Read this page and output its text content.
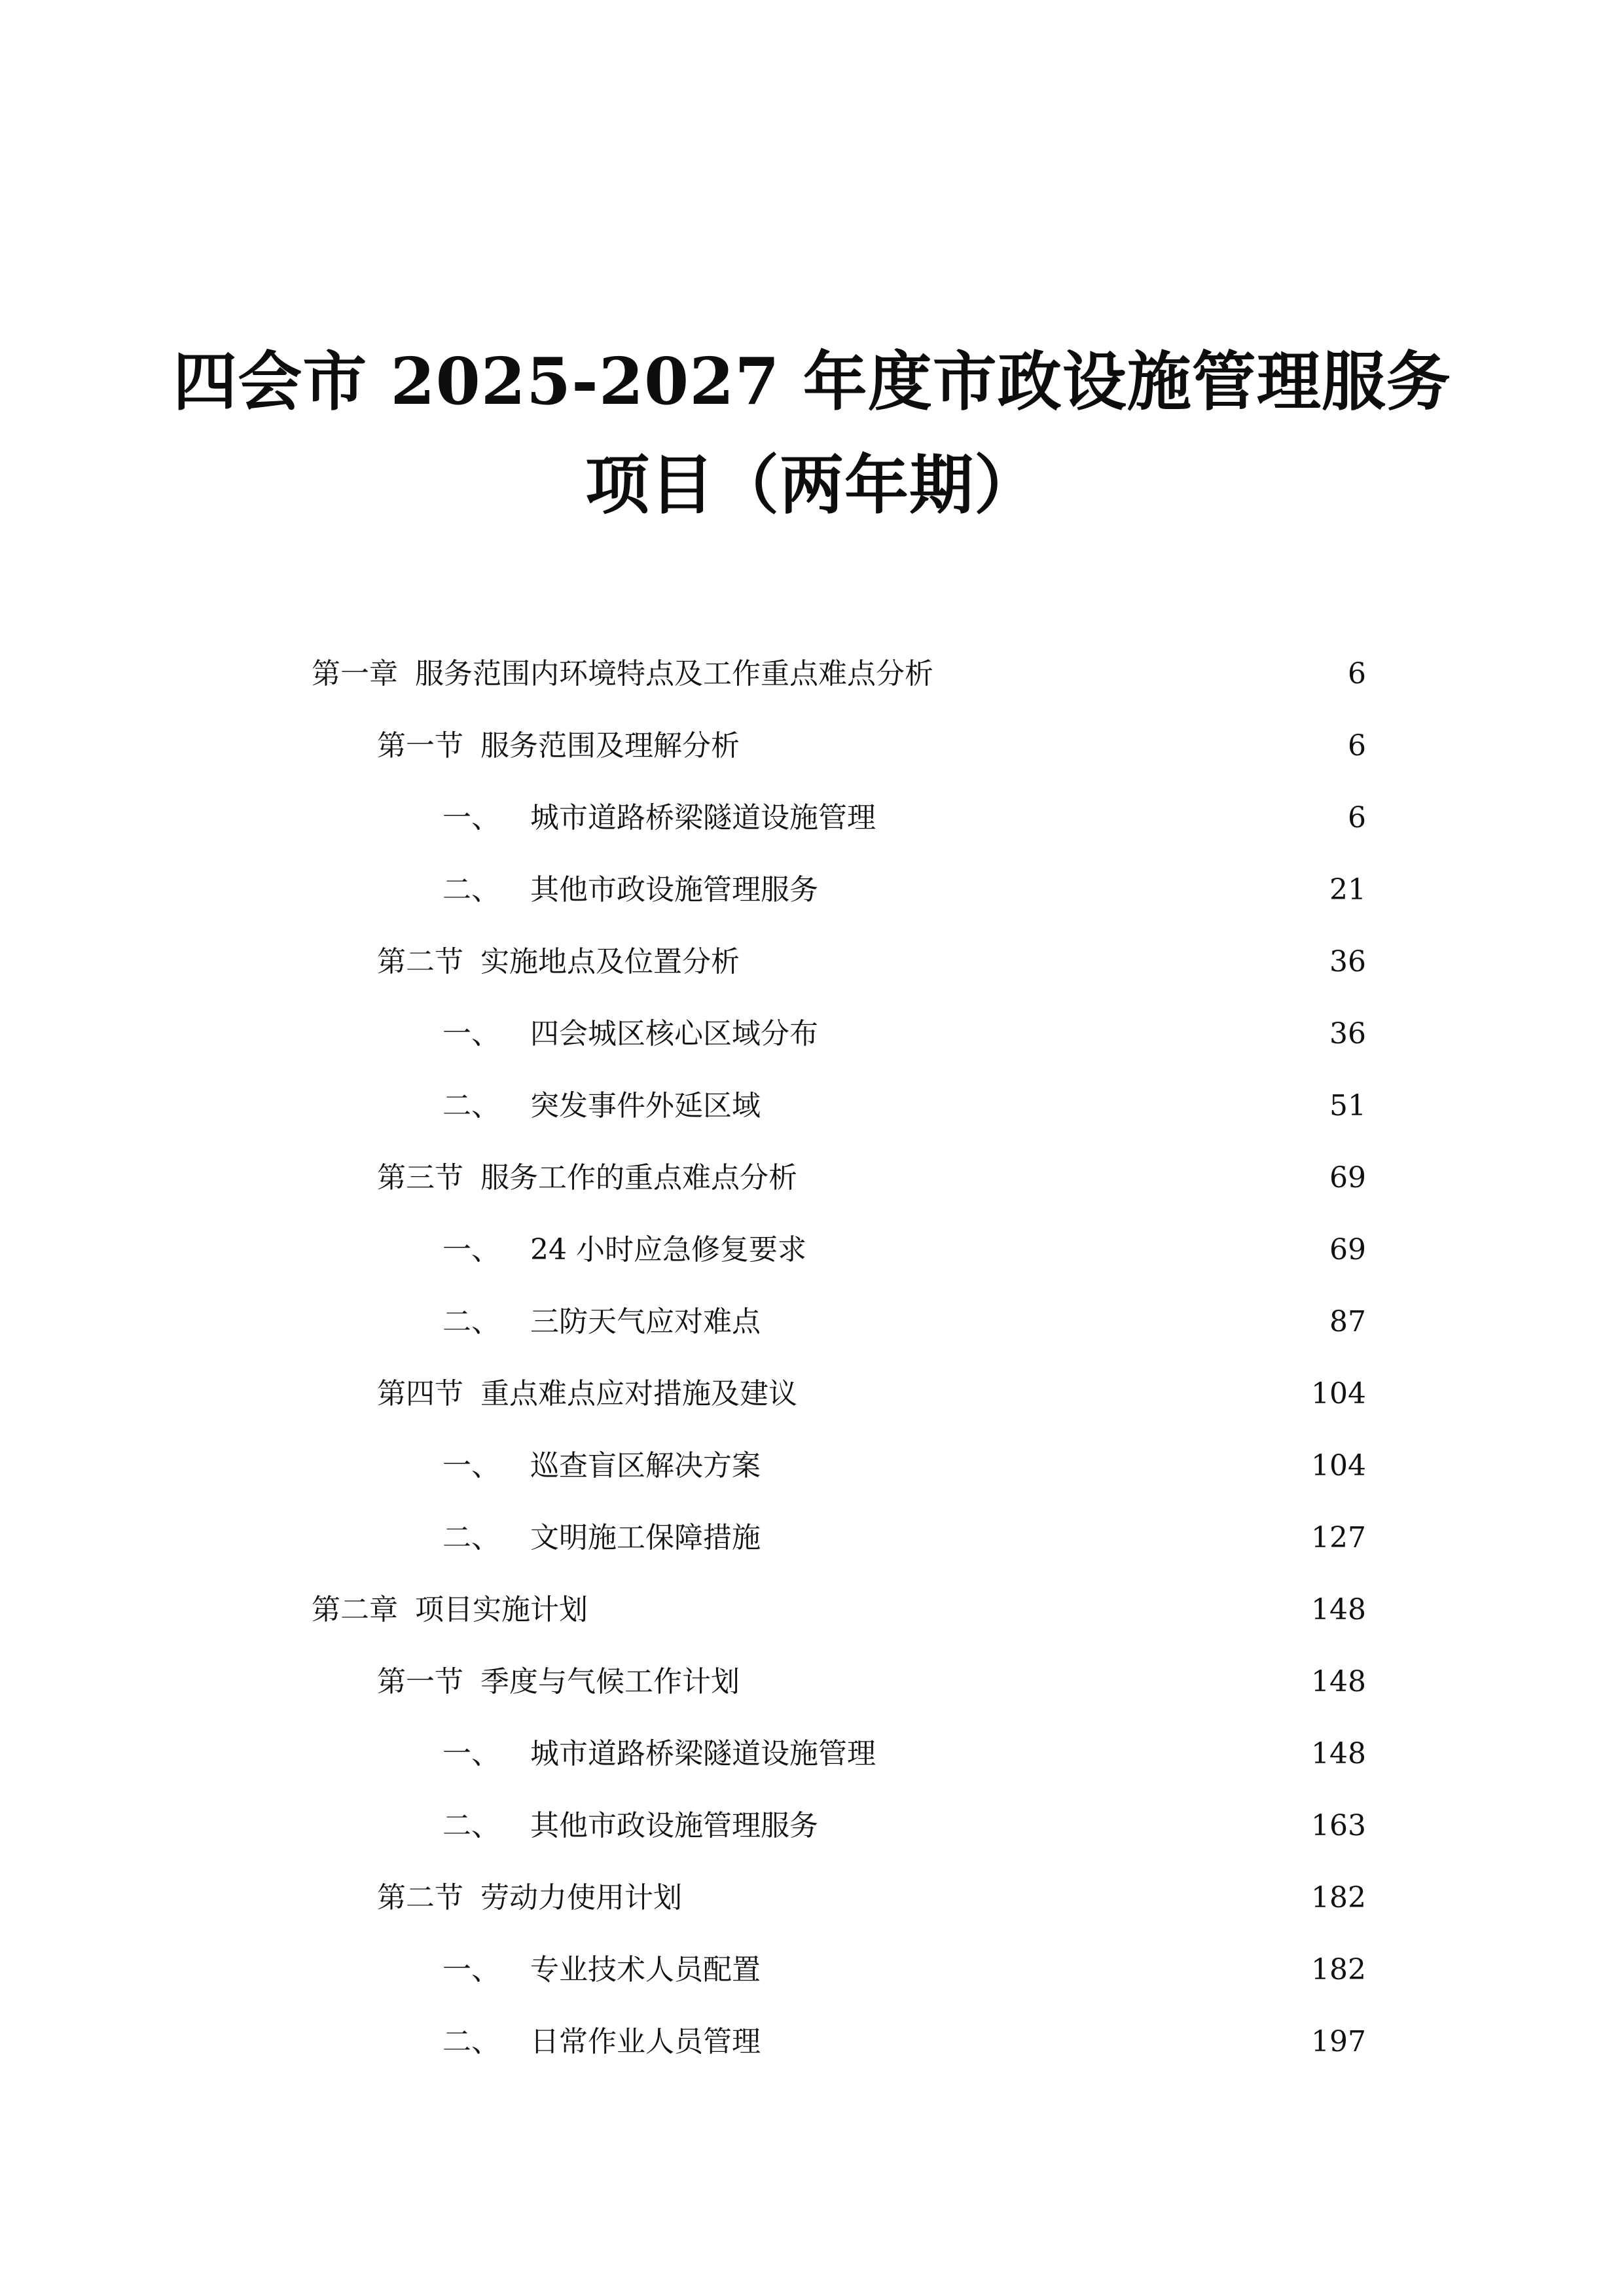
四会市 2025-2027 年度市政设施管理服务
项目（两年期）
第一章 服务范围内环境特点及工作重点难点分析	6
第一节 服务范围及理解分析	6
一、 城市道路桥梁隧道设施管理	6
二、 其他市政设施管理服务	21
第二节 实施地点及位置分析	36
一、 四会城区核心区域分布	36
二、 突发事件外延区域	51
第三节 服务工作的重点难点分析	69
一、 24 小时应急修复要求	69
二、 三防天气应对难点	87
第四节 重点难点应对措施及建议	104
一、 巡查盲区解决方案	104
二、 文明施工保障措施	127
第二章 项目实施计划	148
第一节 季度与气候工作计划	148
一、 城市道路桥梁隧道设施管理	148
二、 其他市政设施管理服务	163
第二节 劳动力使用计划	182
一、 专业技术人员配置	182
二、 日常作业人员管理	197
